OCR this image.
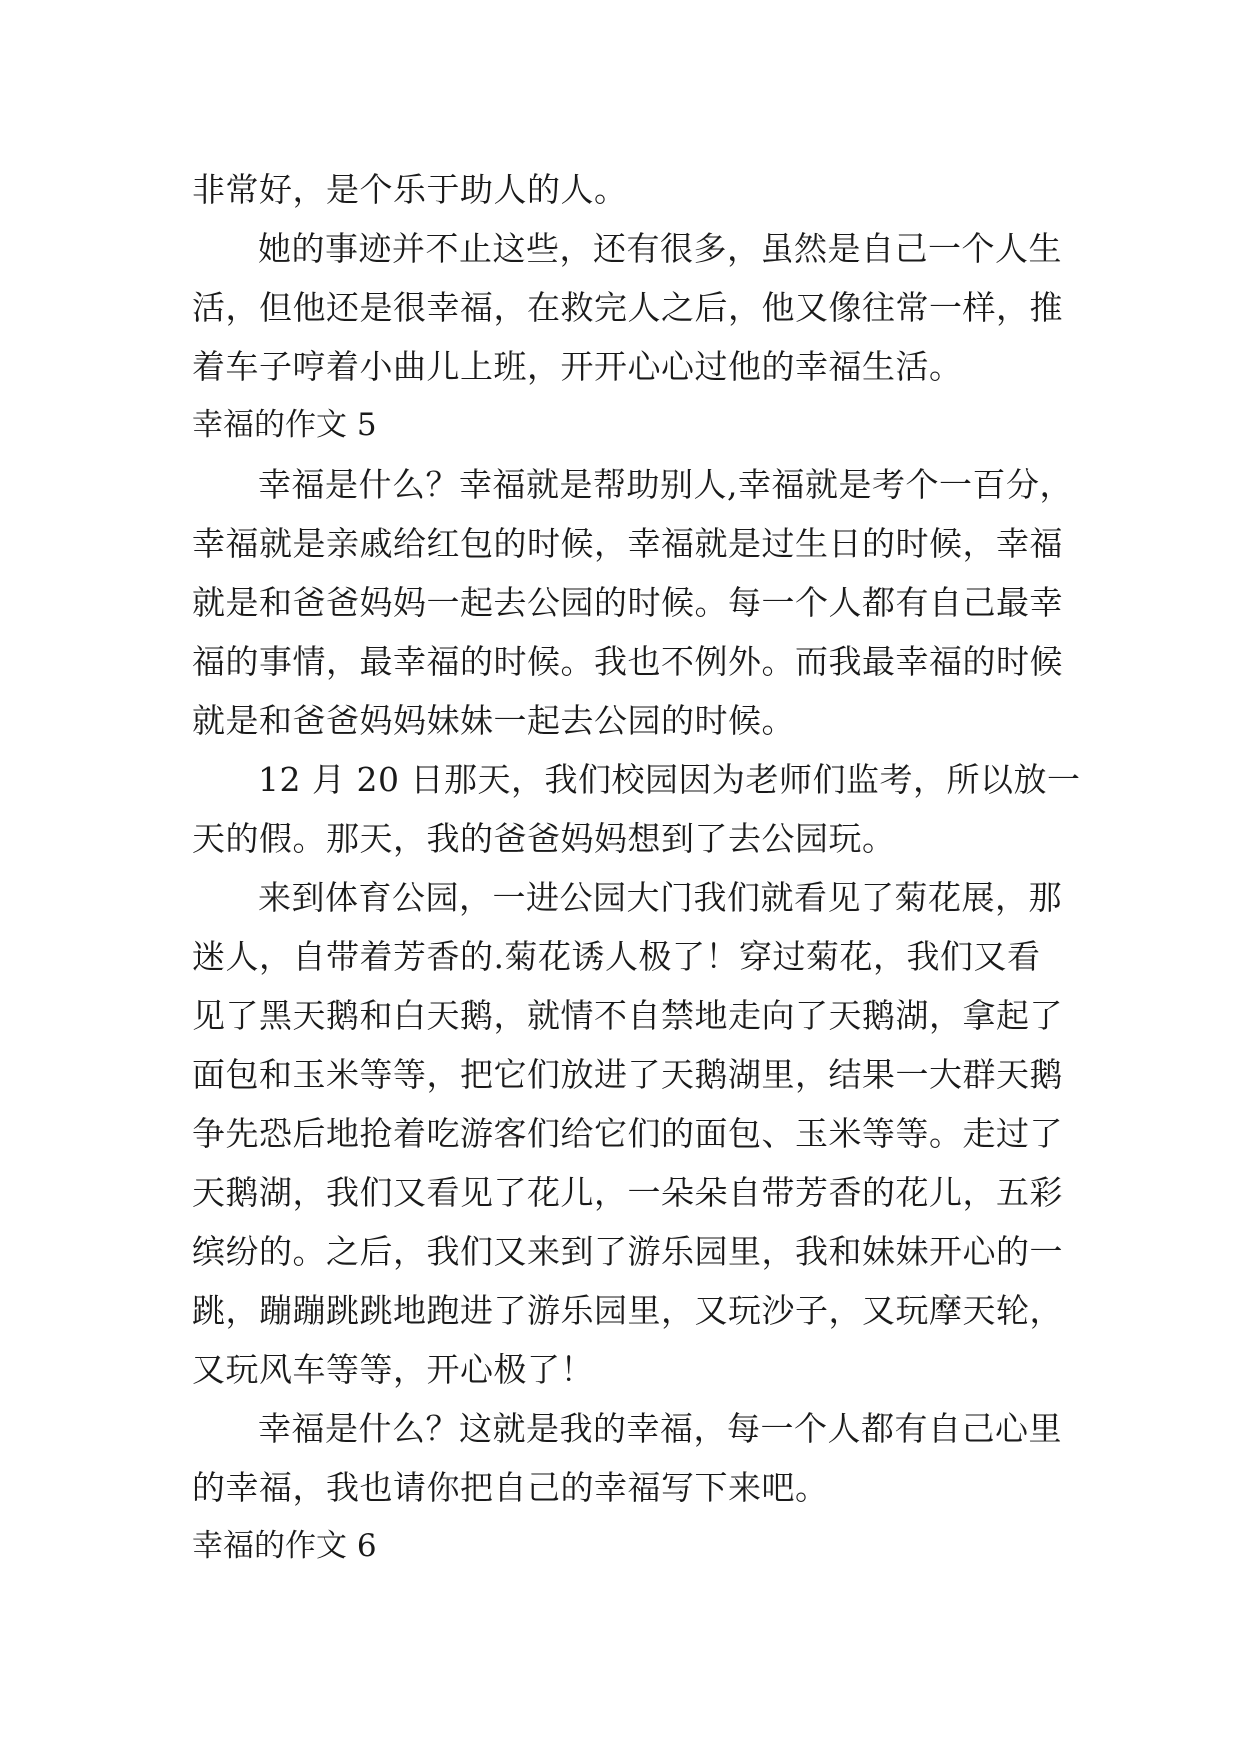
非常好，是个乐于助人的人。
她的事迹并不止这些，还有很多，虽然是自己一个人生
活，但他还是很幸福，在救完人之后，他又像往常一样，推
着车子哼着小曲儿上班，开开心心过他的幸福生活。
幸福的作文 5
幸福是什么？幸福就是帮助别人,幸福就是考个一百分，
幸福就是亲戚给红包的时候，幸福就是过生日的时候，幸福
就是和爸爸妈妈一起去公园的时候。每一个人都有自己最幸
福的事情，最幸福的时候。我也不例外。而我最幸福的时候
就是和爸爸妈妈妹妹一起去公园的时候。
12 月 20 日那天，我们校园因为老师们监考，所以放一
天的假。那天，我的爸爸妈妈想到了去公园玩。
来到体育公园，一进公园大门我们就看见了菊花展，那
迷人，自带着芳香的.菊花诱人极了！穿过菊花，我们又看
见了黑天鹅和白天鹅，就情不自禁地走向了天鹅湖，拿起了
面包和玉米等等，把它们放进了天鹅湖里，结果一大群天鹅
争先恐后地抢着吃游客们给它们的面包、玉米等等。走过了
天鹅湖，我们又看见了花儿，一朵朵自带芳香的花儿，五彩
缤纷的。之后，我们又来到了游乐园里，我和妹妹开心的一
跳，蹦蹦跳跳地跑进了游乐园里，又玩沙子，又玩摩天轮，
又玩风车等等，开心极了！
幸福是什么？这就是我的幸福，每一个人都有自己心里
的幸福，我也请你把自己的幸福写下来吧。
幸福的作文 6
